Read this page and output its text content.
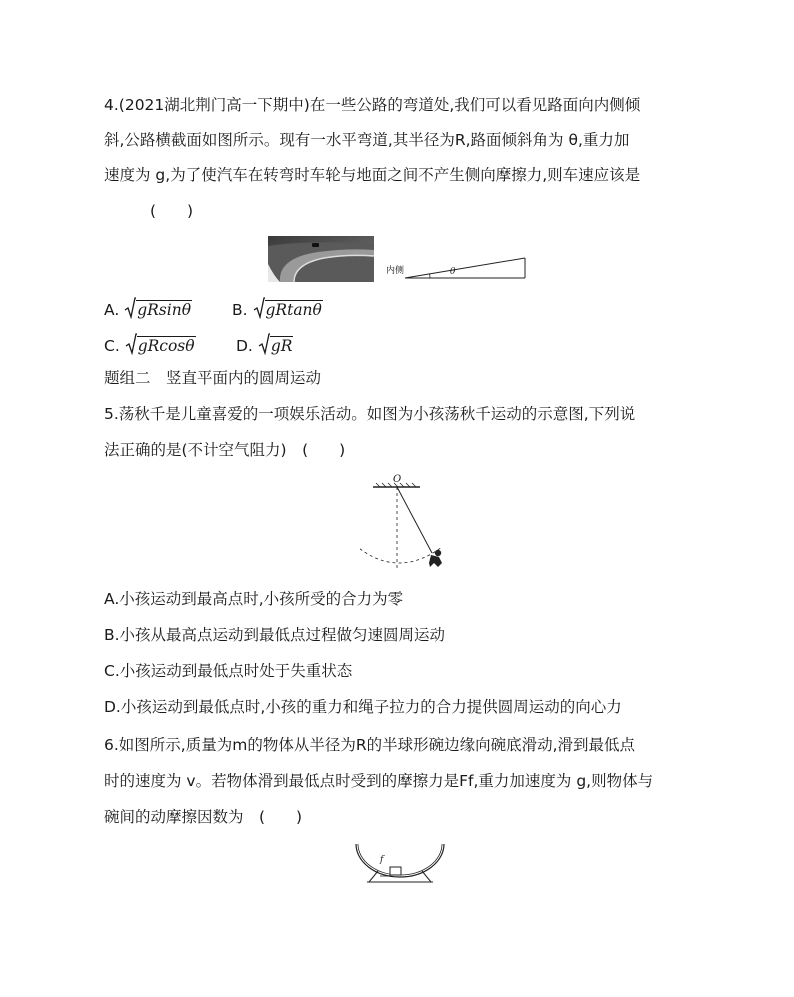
4.(2021湖北荆门高一下期中)在一些公路的弯道处,我们可以看见路面向内侧倾
斜,公路横截面如图所示。现有一水平弯道,其半径为R,路面倾斜角为 θ,重力加
速度为 g,为了使汽车在转弯时车轮与地面之间不产生侧向摩擦力,则车速应该是
(　　)
内侧	θ
A. gRsinθ	B. gRtanθ
C. gRcosθ	D. gR
题组二　竖直平面内的圆周运动
5.荡秋千是儿童喜爱的一项娱乐活动。如图为小孩荡秋千运动的示意图,下列说
法正确的是(不计空气阻力)　(　　)
O
A.小孩运动到最高点时,小孩所受的合力为零
B.小孩从最高点运动到最低点过程做匀速圆周运动
C.小孩运动到最低点时处于失重状态
D.小孩运动到最低点时,小孩的重力和绳子拉力的合力提供圆周运动的向心力
6.如图所示,质量为m的物体从半径为R的半球形碗边缘向碗底滑动,滑到最低点
时的速度为 v。若物体滑到最低点时受到的摩擦力是Ff,重力加速度为 g,则物体与
碗间的动摩擦因数为　(　　)
f
